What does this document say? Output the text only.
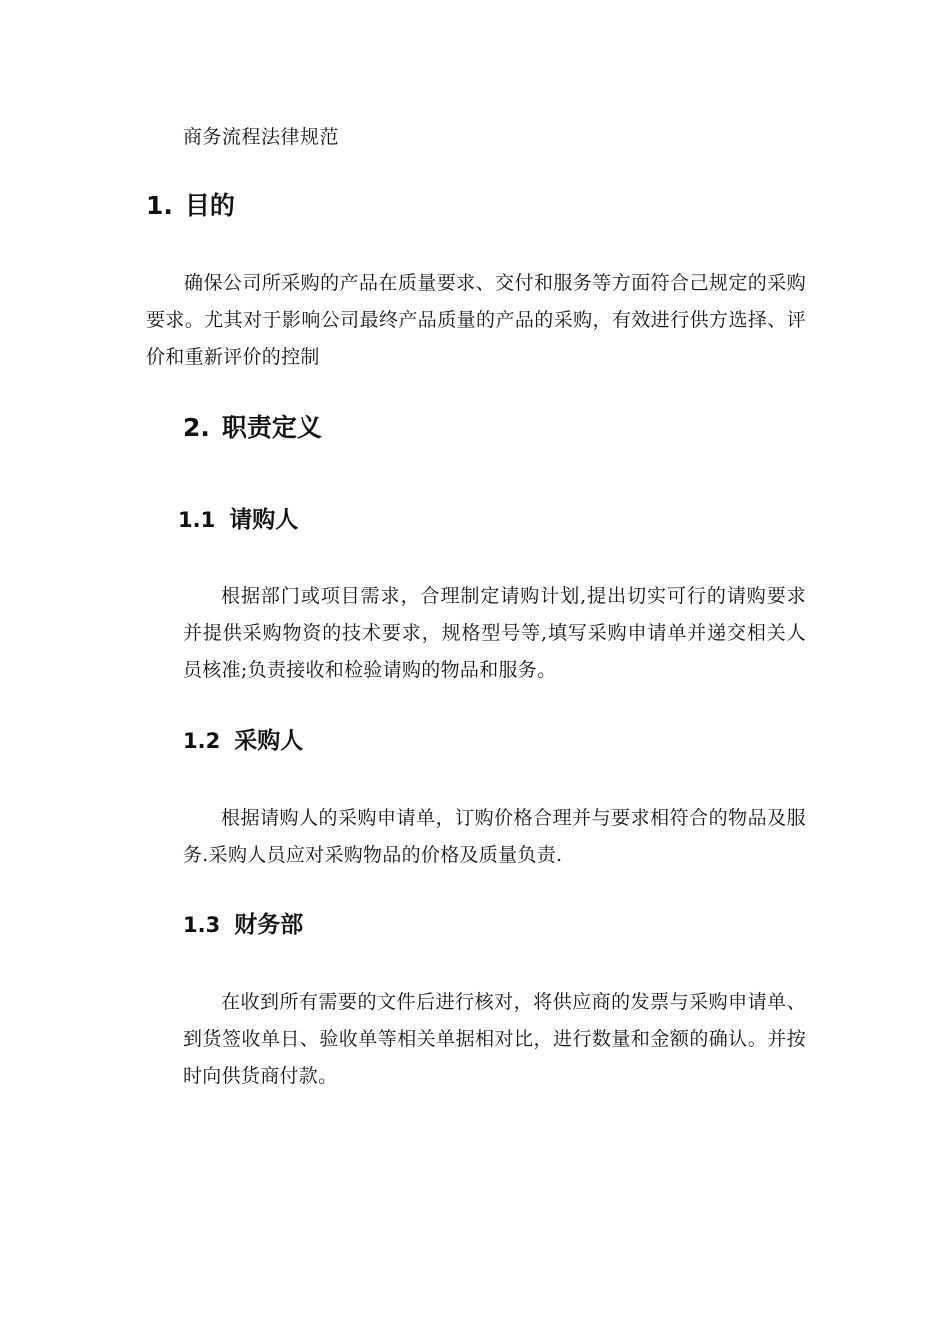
商务流程法律规范
1. 目的
确保公司所采购的产品在质量要求、交付和服务等方面符合己规定的采购要求。尤其对于影响公司最终产品质量的产品的采购，有效进行供方选择、评价和重新评价的控制
2. 职责定义
1.1 请购人
根据部门或项目需求，合理制定请购计划,提出切实可行的请购要求并提供采购物资的技术要求，规格型号等,填写采购申请单并递交相关人员核准;负责接收和检验请购的物品和服务。
1.2 采购人
根据请购人的采购申请单，订购价格合理并与要求相符合的物品及服务.采购人员应对采购物品的价格及质量负责.
1.3 财务部
在收到所有需要的文件后进行核对，将供应商的发票与采购申请单、到货签收单日、验收单等相关单据相对比，进行数量和金额的确认。并按时向供货商付款。
